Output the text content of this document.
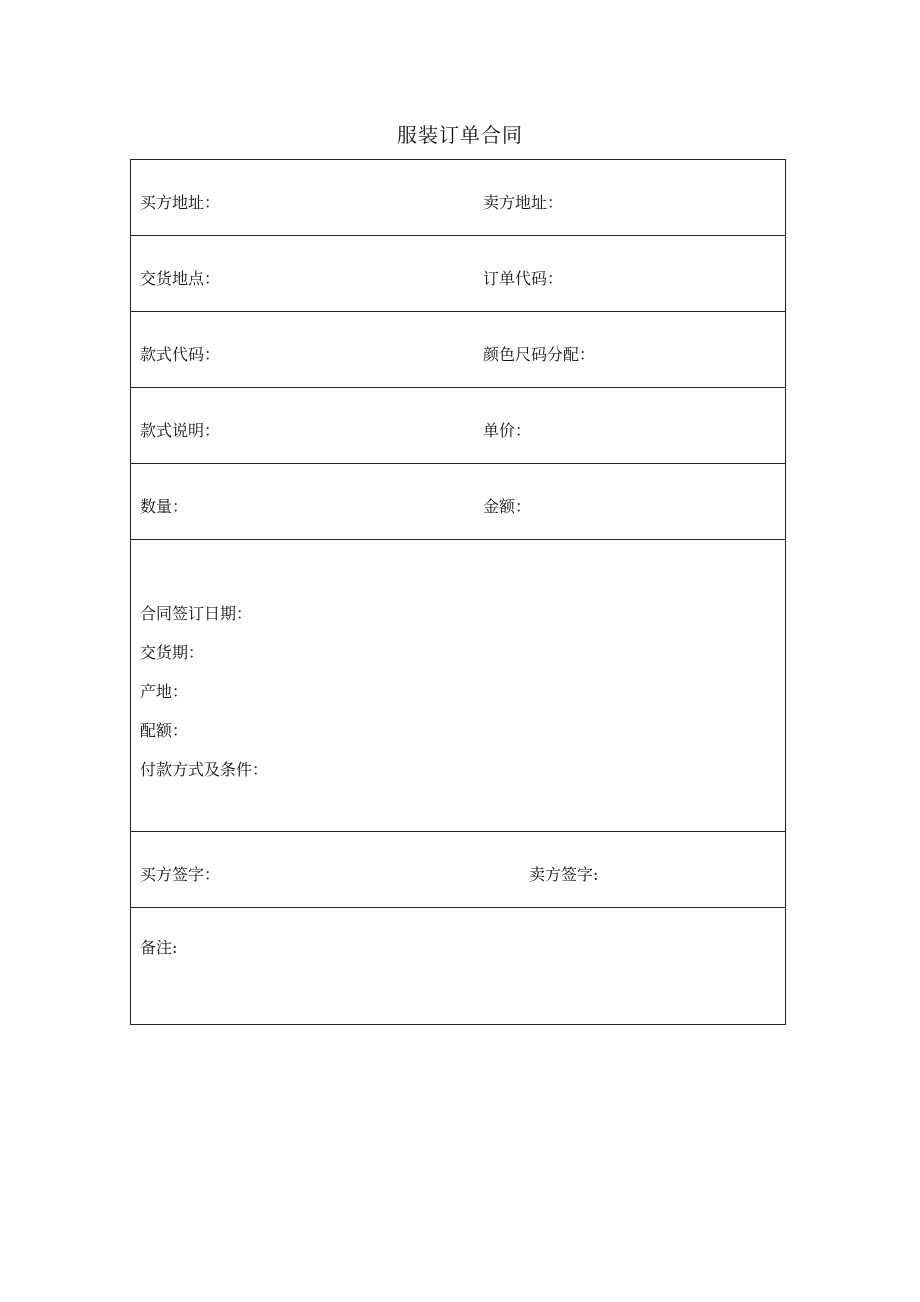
服装订单合同
买方地址：	卖方地址：
交货地点：	订单代码：
款式代码：	颜色尺码分配：
款式说明：	单价：
数量：	金额：
合同签订日期：
交货期：
产地：
配额：
付款方式及条件：
买方签字：	卖方签字:
备注:
